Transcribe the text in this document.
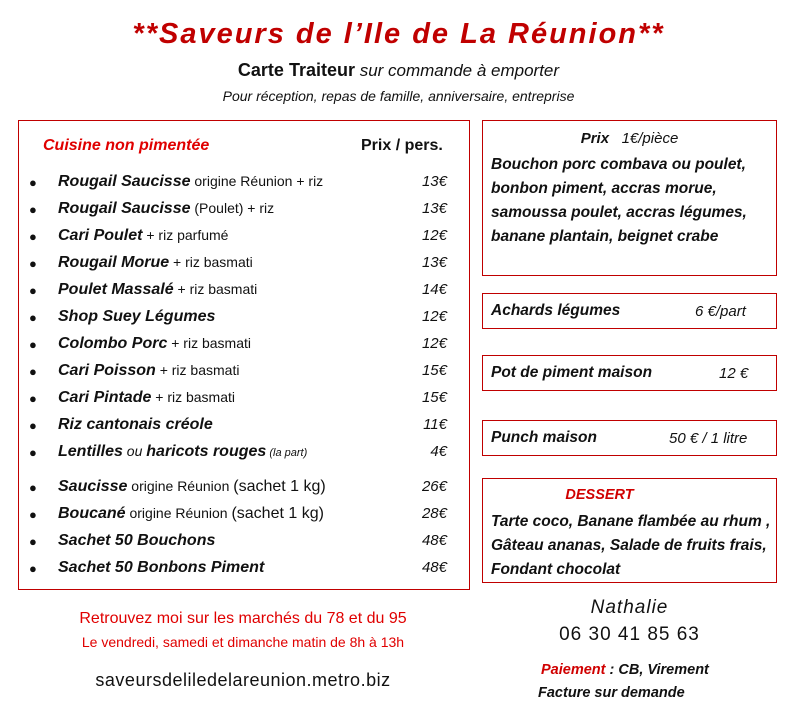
**Saveurs de l’Ile de La Réunion**
Carte Traiteur sur commande à emporter
Pour réception, repas de famille, anniversaire, entreprise
Cuisine non pimentée	Prix / pers.
● Rougail Saucisse origine Réunion + riz	13€
● Rougail Saucisse (Poulet) + riz	13€
● Cari Poulet + riz parfumé	12€
● Rougail Morue + riz basmati	13€
● Poulet Massalé + riz basmati	14€
● Shop Suey Légumes	12€
● Colombo Porc + riz basmati	12€
● Cari Poisson + riz basmati	15€
● Cari Pintade + riz basmati	15€
● Riz cantonais créole	11€
● Lentilles ou haricots rouges (la part)	4€
● Saucisse origine Réunion (sachet 1 kg)	26€
● Boucané origine Réunion (sachet 1 kg)	28€
● Sachet 50 Bouchons	48€
● Sachet 50 Bonbons Piment	48€
Prix 1€/pièce
Bouchon porc combava ou poulet, bonbon piment, accras morue, samoussa poulet, accras légumes, banane plantain, beignet crabe
Achards légumes	6 €/part
Pot de piment maison	12 €
Punch maison	50 € / 1 litre
DESSERT
Tarte coco, Banane flambée au rhum , Gâteau ananas, Salade de fruits frais, Fondant chocolat
Retrouvez moi sur les marchés du 78 et du 95
Le vendredi, samedi et dimanche matin de 8h à 13h
saveursdeliledelareunion.metro.biz
Nathalie
06 30 41 85 63
Paiement : CB, Virement
Facture sur demande
